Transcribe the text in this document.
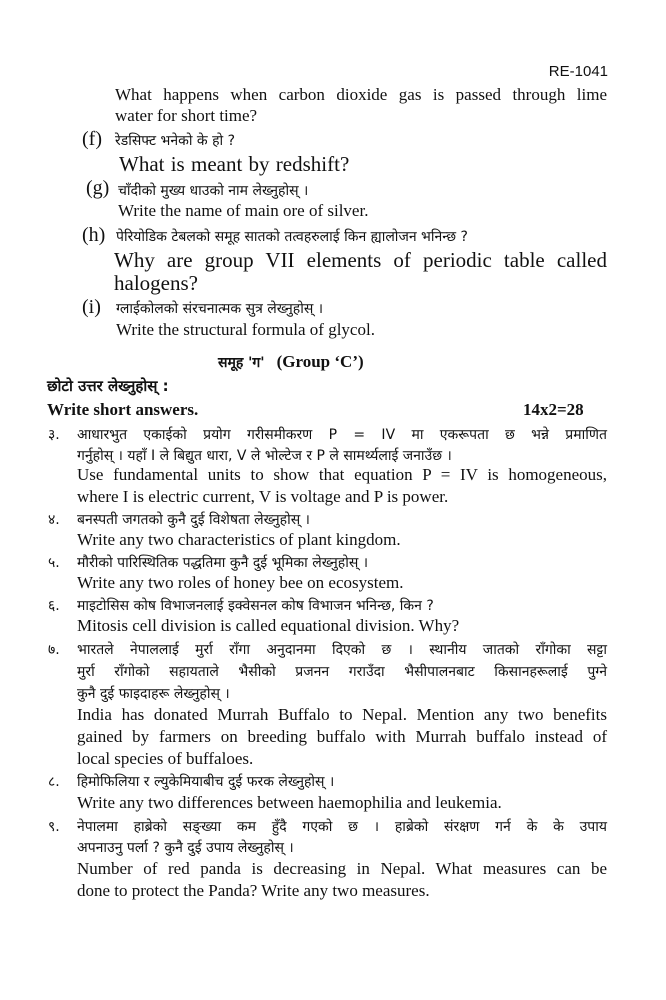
RE-1041
What happens when carbon dioxide gas is passed through lime
water for short time?
(f) रेडसिफ्ट भनेको के हो ?
What is meant by redshift?
(g) चाँदीको मुख्य धाउको नाम लेख्नुहोस् ।
Write the name of main ore of silver.
(h) पेरियोडिक टेबलको समूह सातको तत्वहरुलाई किन ह्यालोजन भनिन्छ ?
Why are group VII elements of periodic table called
halogens?
(i) ग्लाईकोलको संरचनात्मक सुत्र लेख्नुहोस् ।
Write the structural formula of glycol.
समूह 'ग' (Group ‘C’)
छोटो उत्तर लेख्नुहोस् :
Write short answers.	14x2=28
३. आधारभुत एकाईको प्रयोग गरीसमीकरण P = IV मा एकरूपता छ भन्ने प्रमाणित
गर्नुहोस् । यहाँ I ले बिद्युत धारा, V ले भोल्टेज र P ले सामर्थ्यलाई जनाउँछ ।
Use fundamental units to show that equation P = IV is homogeneous,
where I is electric current, V is voltage and P is power.
४. बनस्पती जगतको कुनै दुई विशेषता लेख्नुहोस् ।
Write any two characteristics of plant kingdom.
५. मौरीको पारिस्थितिक पद्धतिमा कुनै दुई भूमिका लेख्नुहोस् ।
Write any two roles of honey bee on ecosystem.
६. माइटोसिस कोष विभाजनलाई इक्वेसनल कोष विभाजन भनिन्छ, किन ?
Mitosis cell division is called equational division. Why?
७. भारतले नेपाललाई मुर्रा राँगा अनुदानमा दिएको छ । स्थानीय जातको राँगोका सट्टा
मुर्रा राँगोको सहायताले भैसीको प्रजनन गराउँदा भैसीपालनबाट किसानहरूलाई पुग्ने
कुनै दुई फाइदाहरू लेख्नुहोस् ।
India has donated Murrah Buffalo to Nepal. Mention any two benefits
gained by farmers on breeding buffalo with Murrah buffalo instead of
local species of buffaloes.
८. हिमोफिलिया र ल्युकेमियाबीच दुई फरक लेख्नुहोस् ।
Write any two differences between haemophilia and leukemia.
९. नेपालमा हाब्रेको सङ्ख्या कम हुँदै गएको छ । हाब्रेको संरक्षण गर्न के के उपाय
अपनाउनु पर्ला ? कुनै दुई उपाय लेख्नुहोस् ।
Number of red panda is decreasing in Nepal. What measures can be
done to protect the Panda? Write any two measures.
